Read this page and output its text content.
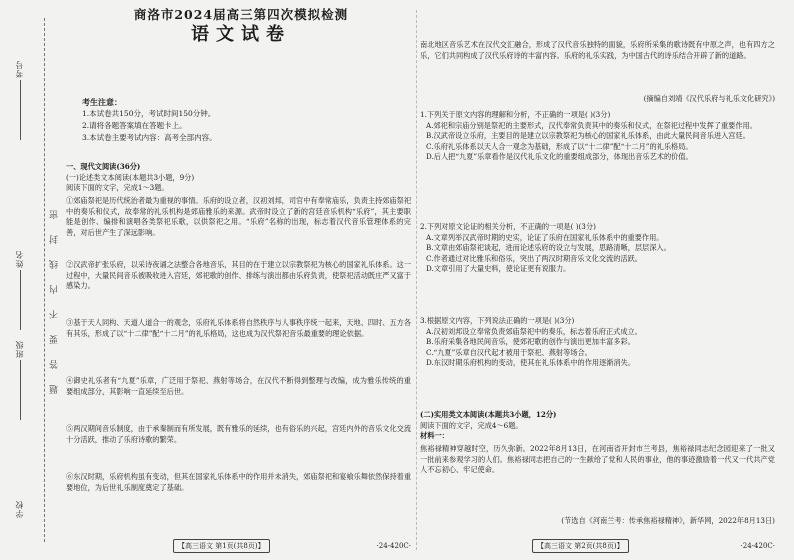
考号
姓名
班级
学校
密
封
线
内
不
要
答
题
商洛市2024届高三第四次模拟检测
语文试卷
考生注意：
1.本试卷共150分，考试时间150分钟。
2.请将各题答案填在答题卡上。
3.本试卷主要考试内容：高考全部内容。
一、现代文阅读(36分)
(一)论述类文本阅读(本题共3小题，9分)
阅读下面的文字，完成1～3题。
①郊庙祭祀是历代统治者最为重视的事情。乐府的设立者，汉初刘邦，司官中有奉常庙乐，负责主持郊庙祭祀中的奏乐和仪式，故奉常的礼乐机构是郊庙雅乐的来源。武帝时设立了新的宫廷音乐机构“乐府”，其主要职能是创作、编排和演唱各类祭祀乐歌，以供祭祀之用。“乐府”名称的出现，标志着汉代音乐管理体系的完善，对后世产生了深远影响。
②汉武帝扩张乐府，以采诗夜诵之法整合各地音乐，其目的在于建立以宗教祭祀为核心的国家礼乐体系。这一过程中，大量民间音乐被吸收进入宫廷，郊祀歌的创作、排练与演出都由乐府负责，使祭祀活动既庄严又富于感染力。
③基于天人同构、天道人道合一的观念，乐府礼乐体系将自然秩序与人事秩序统一起来，天地、四时、五方各有其乐，形成了以“十二律”配“十二月”的礼乐格局，这也成为汉代祭祀音乐最重要的理论依据。
④御史礼乐者有“九夏”乐章，广泛用于祭祀、燕射等场合，在汉代不断得到整理与改编，成为雅乐传统的重要组成部分，其影响一直延续至后世。
⑤两汉期间音乐制度，由于承秦制而有所发展，既有雅乐的延续，也有俗乐的兴起，宫廷内外的音乐文化交流十分活跃，推动了乐府诗歌的繁荣。
⑥东汉时期，乐府机构虽有变动，但其在国家礼乐体系中的作用并未消失，郊庙祭祀和宴飨乐舞依然保持着重要地位，为后世礼乐制度奠定了基础。
【高三语文 第1页(共8页)】	·24-420C·
南北地区音乐艺术在汉代交汇融合，形成了汉代音乐独特的面貌，乐府所采集的歌诗既有中原之声，也有四方之乐，它们共同构成了汉代乐府诗的丰富内容。乐府的礼乐实践，为中国古代的诗乐结合开辟了新的道路。
(摘编自刘靖《汉代乐府与礼乐文化研究》)

1.下列关于原文内容的理解和分析，不正确的一项是( )(3分)

A.郊祀和宗庙分别是祭祀的主要形式，汉代奉常负责其中的奏乐和仪式，在祭祀过程中发挥了重要作用。

B.汉武帝设立乐府，主要目的是建立以宗教祭祀为核心的国家礼乐体系，由此大量民间音乐进入宫廷。

C.乐府礼乐体系以天人合一观念为基础，形成了以“十二律”配“十二月”的礼乐格局。

D.后人把“九夏”乐章看作是汉代礼乐文化的重要组成部分，体现出音乐艺术的价值。

2.下列对原文论证的相关分析，不正确的一项是( )(3分)

A.文章列举汉武帝时期的史实，论证了乐府在国家礼乐体系中的重要作用。

B.文章由郊庙祭祀谈起，进而论述乐府的设立与发展，思路清晰，层层深入。

C.作者通过对比雅乐和俗乐，突出了两汉时期音乐文化交流的活跃。

D.文章引用了大量史料，使论证更有说服力。

3.根据原文内容，下列说法正确的一项是( )(3分)

A.汉初刘邦设立奉常负责郊庙祭祀中的奏乐，标志着乐府正式成立。

B.乐府采集各地民间音乐，使郊祀歌的创作与演出更加丰富多彩。

C.“九夏”乐章自汉代起才被用于祭祀、燕射等场合。

D.东汉时期乐府机构的变动，使其在礼乐体系中的作用逐渐消失。

(二)实用类文本阅读(本题共3小题，12分)
阅读下面的文字，完成4～6题。
材料一：
焦裕禄精神穿越时空，历久弥新。2022年8月13日，在河南省开封市兰考县，焦裕禄同志纪念园迎来了一批又一批前来参观学习的人们。焦裕禄同志把自己的一生献给了党和人民的事业，他的事迹激励着一代又一代共产党人不忘初心、牢记使命。
(节选自《河南兰考：传承焦裕禄精神》，新华网，2022年8月13日)
【高三语文 第2页(共8页)】	·24-420C·
